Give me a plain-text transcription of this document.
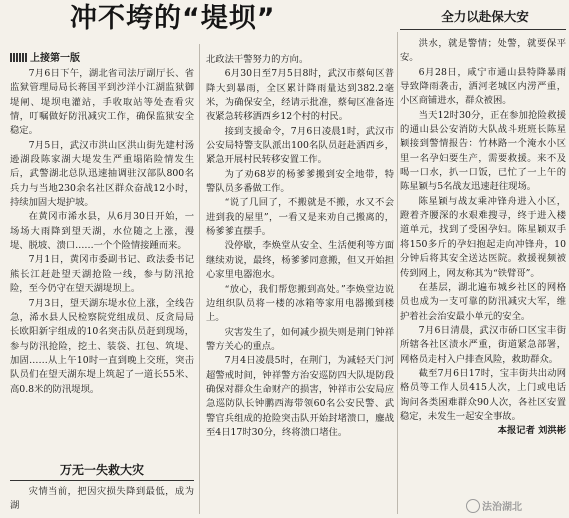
冲不垮的“堤坝”	全力以赴保大安
上接第一版

7月6日下午，湖北省司法厅副厅长、省监狱管理局局长蒋国平到沙洋小江湖监狱御堤闸、堤坝电灌站，手收取站等处查看灾情，叮嘱做好防汛减灾工作，确保监狱安全稳定。

7月5日，武汉市洪山区洪山街先建村汤逊湖段陈家湖大堤发生严重塌陷险情发生后，武警湖北总队迅速抽调驻汉部队800名兵力与当地230余名社区群众奋战12小时，持续加固大堤护坡。

在黄冈市浠水县，从6月30日开始，一场场大雨降到望天湖，水位随之上涨，漫堤、脱坡、溃口……一个个险情接踵而来。

7月1日，黄冈市委副书记、政法委书记熊长江赶赴望天湖抢险一线，参与防汛抢险，至今仍守在望天湖堤坝上。

7月3日，望天湖东堤水位上涨，全线告急，浠水县人民检察院党组成员、反贪局局长欧阳新宇组成的10名突击队员赶到现场，参与防汛抢险，挖土、装袋、扛包、筑堤、加固……从上午10时一直到晚上交班，突击队员们在望天湖东堤上筑起了一道长55米、高0.8米的防汛堤坝。

万无一失救大灾

灾情当前，把因灾损失降到最低，成为湖

北政法干警努力的方向。

6月30日至7月5日8时，武汉市蔡甸区普降大到暴雨，全区累计降雨量达到382.2毫米，为确保安全，经请示批准，蔡甸区准备连夜紧急转移洒西乡12个村的村民。

接到支援命令，7月6日凌晨1时，武汉市公安局特警支队派出100名队员赶赴洒西乡，紧急开展村民转移安置工作。

为了劝68岁的杨爹爹搬到安全地带，特警队员多番做工作。

“说了几回了，不搬就是不搬，水又不会进到我的屋里”，一看又是来劝自己搬离的，杨爹爹直摆手。

没停歇，李焕堂从安全、生活便利等方面继续劝说，最终，杨爹爹同意搬，但又开始担心家里电器泡水。

“放心，我们帮您搬到高处。”李焕堂边说边组织队员将一楼的冰箱等家用电器搬到楼上。

灾害发生了，如何减少损失则是荆门钟祥警方关心的重点。

7月4日凌晨5时，在荆门，为减轻天门河超警戒时间，钟祥警方治安巡防四大队堤防段确保对群众生命财产的损害，钟祥市公安局应急巡防队长钟鹏西海带领60名公安民警、武警官兵组成的抢险突击队开始封堵溃口，鏖战至4日17时30分，终将溃口堵住。

洪水，就是警情；处警，就要保平安。

6月28日，咸宁市通山县特降暴雨导致降雨袭击，洒河老城区内涝严重，小区商铺进水，群众被困。

当天12时30分，正在参加抢险救援的通山县公安消防大队战斗班班长陈星颖接到警情报告：竹林路一个淹水小区里一名孕妇要生产，需要救援。来不及喝一口水，扒一口饭，已忙了一上午的陈星颖与5名战友迅速赶往现场。

陈星颖与战友乘冲锋舟进入小区，蹬着齐腰深的水艰难搜寻，终于进入楼道单元，找到了受困孕妇。陈星颖双手将150多斤的孕妇抱起走向冲锋舟，10分钟后将其安全送达医院。救援视频被传到网上，网友称其为“铁臂哥”。

在基层，湖北遍布城乡社区的网格员也成为一支可靠的防汛减灾大军，维护着社会治安最小单元的安全。

7月6日清晨，武汉市硚口区宝丰街所辖各社区渍水严重，街道紧急部署，网格员走村入户排查风险，救助群众。

截至7月6日17时，宝丰街共出动网格员等工作人员415人次，上门或电话询问各类困难群众90人次，各社区安置稳定，未发生一起安全事故。

本报记者 刘洪彬

法治湖北
